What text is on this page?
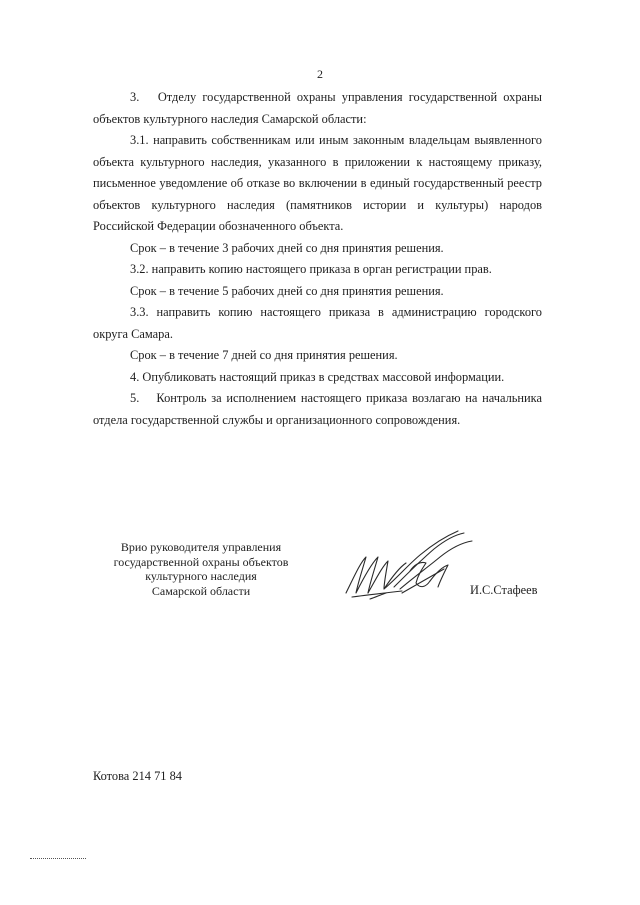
2

3.  Отделу государственной охраны управления государственной охраны объектов культурного наследия Самарской области:

3.1. направить собственникам или иным законным владельцам выявленного объекта культурного наследия, указанного в приложении к настоящему приказу, письменное уведомление об отказе во включении в единый государственный реестр объектов культурного наследия (памятников истории и культуры) народов Российской Федерации обозначенного объекта.

Срок – в течение 3 рабочих дней со дня принятия решения.

3.2. направить копию настоящего приказа в орган регистрации прав.

Срок – в течение 5 рабочих дней со дня принятия решения.

3.3. направить копию настоящего приказа в администрацию городского округа Самара.

Срок – в течение 7 дней со дня принятия решения.

4. Опубликовать настоящий приказ в средствах массовой информации.

5.  Контроль за исполнением настоящего приказа возлагаю на начальника отдела государственной службы и организационного сопровождения.

Врио руководителя управления
государственной охраны объектов
культурного наследия
Самарской области	И.С.Стафеев
Котова 214 71 84
